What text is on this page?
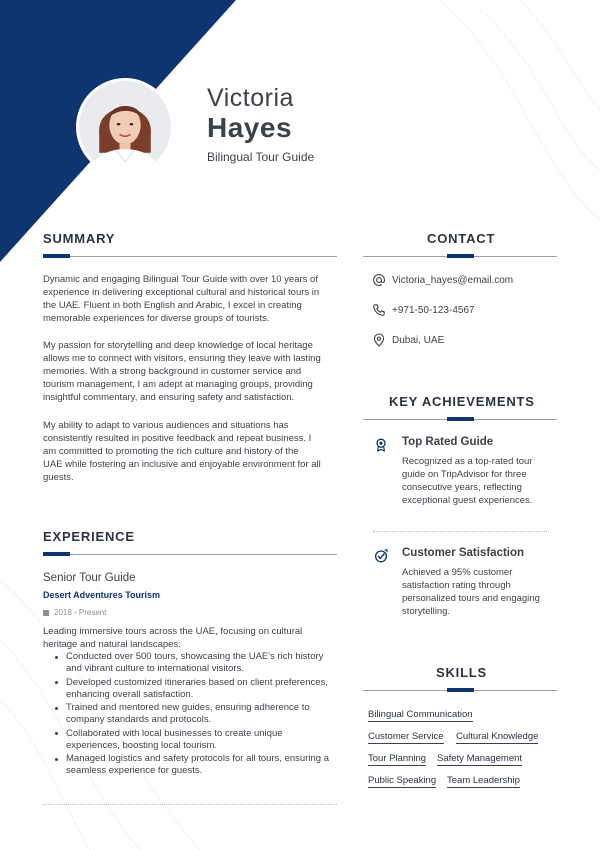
Victoria
Hayes
Bilingual Tour Guide
SUMMARY
Dynamic and engaging Bilingual Tour Guide with over 10 years of
experience in delivering exceptional cultural and historical tours in
the UAE. Fluent in both English and Arabic, I excel in creating
memorable experiences for diverse groups of tourists.
My passion for storytelling and deep knowledge of local heritage
allows me to connect with visitors, ensuring they leave with lasting
memories. With a strong background in customer service and
tourism management, I am adept at managing groups, providing
insightful commentary, and ensuring safety and satisfaction.
My ability to adapt to various audiences and situations has
consistently resulted in positive feedback and repeat business. I
am committed to promoting the rich culture and history of the
UAE while fostering an inclusive and enjoyable environment for all
guests.
EXPERIENCE
Senior Tour Guide
Desert Adventures Tourism
2018 - Present
Leading immersive tours across the UAE, focusing on cultural
heritage and natural landscapes.
Conducted over 500 tours, showcasing the UAE's rich history
and vibrant culture to international visitors.
Developed customized itineraries based on client preferences,
enhancing overall satisfaction.
Trained and mentored new guides, ensuring adherence to
company standards and protocols.
Collaborated with local businesses to create unique
experiences, boosting local tourism.
Managed logistics and safety protocols for all tours, ensuring a
seamless experience for guests.
CONTACT
Victoria_hayes@email.com
+971-50-123-4567
Dubai, UAE
KEY ACHIEVEMENTS
Top Rated Guide
Recognized as a top-rated tour
guide on TripAdvisor for three
consecutive years, reflecting
exceptional guest experiences.
Customer Satisfaction
Achieved a 95% customer
satisfaction rating through
personalized tours and engaging
storytelling.
SKILLS
Bilingual Communication
Customer Service Cultural Knowledge
Tour Planning Safety Management
Public Speaking Team Leadership
